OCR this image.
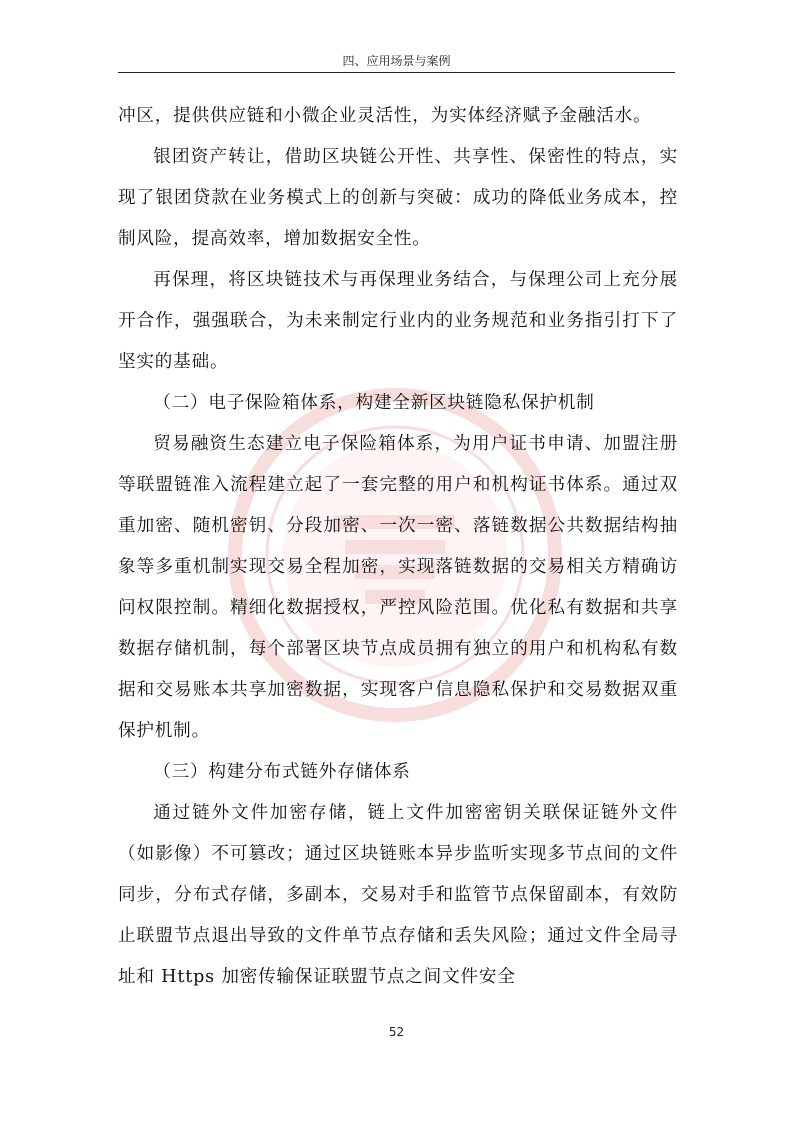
四、应用场景与案例

冲区，提供供应链和小微企业灵活性，为实体经济赋予金融活水。

银团资产转让，借助区块链公开性、共享性、保密性的特点，实现了银团贷款在业务模式上的创新与突破：成功的降低业务成本，控制风险，提高效率，增加数据安全性。

再保理，将区块链技术与再保理业务结合，与保理公司上充分展开合作，强强联合，为未来制定行业内的业务规范和业务指引打下了坚实的基础。

（二）电子保险箱体系，构建全新区块链隐私保护机制

贸易融资生态建立电子保险箱体系，为用户证书申请、加盟注册等联盟链准入流程建立起了一套完整的用户和机构证书体系。通过双重加密、随机密钥、分段加密、一次一密、落链数据公共数据结构抽象等多重机制实现交易全程加密，实现落链数据的交易相关方精确访问权限控制。精细化数据授权，严控风险范围。优化私有数据和共享数据存储机制，每个部署区块节点成员拥有独立的用户和机构私有数据和交易账本共享加密数据，实现客户信息隐私保护和交易数据双重保护机制。

（三）构建分布式链外存储体系

通过链外文件加密存储，链上文件加密密钥关联保证链外文件（如影像）不可篡改；通过区块链账本异步监听实现多节点间的文件同步，分布式存储，多副本，交易对手和监管节点保留副本，有效防止联盟节点退出导致的文件单节点存储和丢失风险；通过文件全局寻址和 Https 加密传输保证联盟节点之间文件安全

52
